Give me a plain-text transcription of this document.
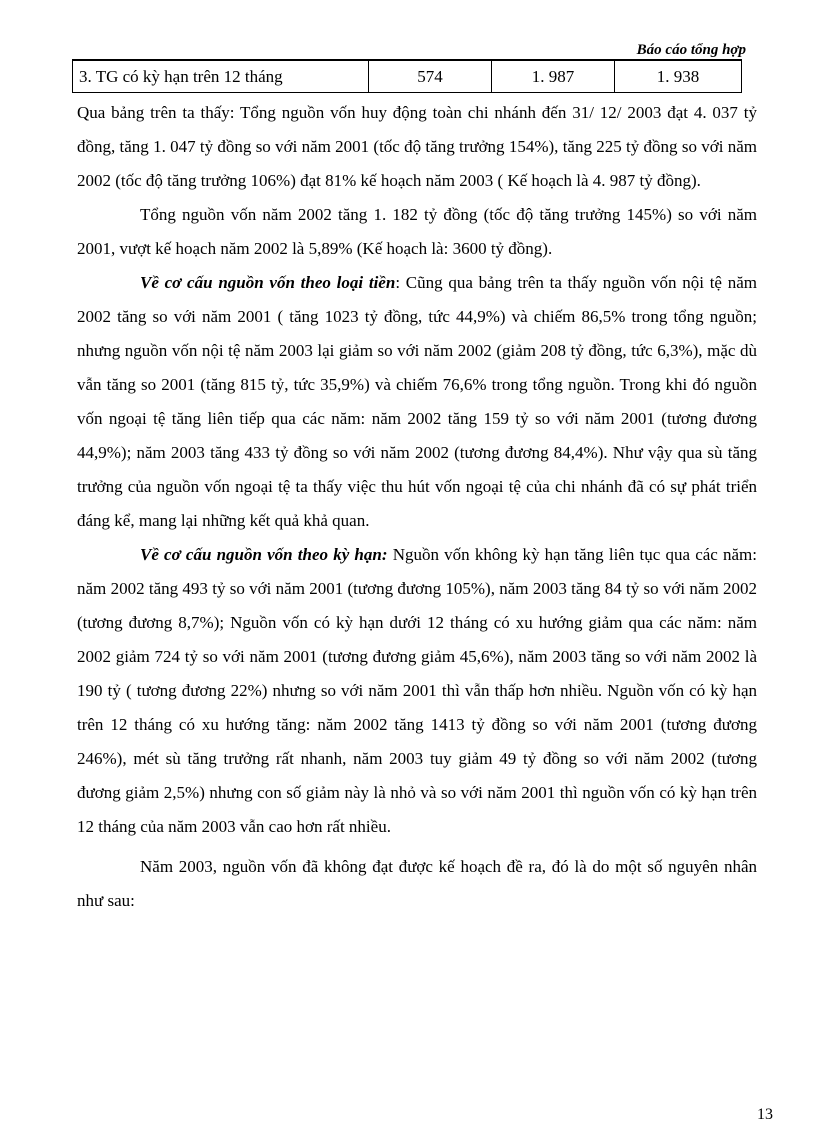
Báo cáo tổng hợp
3. TG có kỳ hạn trên 12 tháng	574	1. 987	1. 938

Qua bảng trên ta thấy: Tổng nguồn vốn huy động toàn chi nhánh đến 31/ 12/ 2003 đạt 4. 037 tỷ đồng, tăng 1. 047 tỷ đồng so với năm 2001 (tốc độ tăng trưởng 154%), tăng 225 tỷ đồng so với năm 2002 (tốc độ tăng trưởng 106%) đạt 81% kế hoạch năm 2003 ( Kế hoạch là 4. 987 tỷ đồng).

Tổng nguồn vốn năm 2002 tăng 1. 182 tỷ đồng (tốc độ tăng trưởng 145%) so với năm 2001, vượt kế hoạch năm 2002 là 5,89% (Kế hoạch là: 3600 tỷ đồng).

Về cơ cấu nguồn vốn theo loại tiền: Cũng qua bảng trên ta thấy nguồn vốn nội tệ năm 2002 tăng so với năm 2001 ( tăng 1023 tỷ đồng, tức 44,9%) và chiếm 86,5% trong tổng nguồn; nhưng nguồn vốn nội tệ năm 2003 lại giảm so với năm 2002 (giảm 208 tỷ đồng, tức 6,3%), mặc dù vẫn tăng so 2001 (tăng 815 tỷ, tức 35,9%) và chiếm 76,6% trong tổng nguồn. Trong khi đó nguồn vốn ngoại tệ tăng liên tiếp qua các năm: năm 2002 tăng 159 tỷ so với năm 2001 (tương đương 44,9%); năm 2003 tăng 433 tỷ đồng so với năm 2002 (tương đương 84,4%). Như vậy qua sù tăng trưởng của nguồn vốn ngoại tệ ta thấy việc thu hút vốn ngoại tệ của chi nhánh đã có sự phát triển đáng kể, mang lại những kết quả khả quan.

Về cơ cấu nguồn vốn theo kỳ hạn: Nguồn vốn không kỳ hạn tăng liên tục qua các năm: năm 2002 tăng 493 tỷ so với năm 2001 (tương đương 105%), năm 2003 tăng 84 tỷ so với năm 2002 (tương đương 8,7%); Nguồn vốn có kỳ hạn dưới 12 tháng có xu hướng giảm qua các năm: năm 2002 giảm 724 tỷ so với năm 2001 (tương đương giảm 45,6%), năm 2003 tăng so với năm 2002 là 190 tỷ ( tương đương 22%) nhưng so với năm 2001 thì vẫn thấp hơn nhiều. Nguồn vốn có kỳ hạn trên 12 tháng có xu hướng tăng: năm 2002 tăng 1413 tỷ đồng so với năm 2001 (tương đương 246%), mét sù tăng trưởng rất nhanh, năm 2003 tuy giảm 49 tỷ đồng so với năm 2002 (tương đương giảm 2,5%) nhưng con số giảm này là nhỏ và so với năm 2001 thì nguồn vốn có kỳ hạn trên 12 tháng của năm 2003 vẫn cao hơn rất nhiều.

Năm 2003, nguồn vốn đã không đạt được kế hoạch đề ra, đó là do một số nguyên nhân như sau:

13
